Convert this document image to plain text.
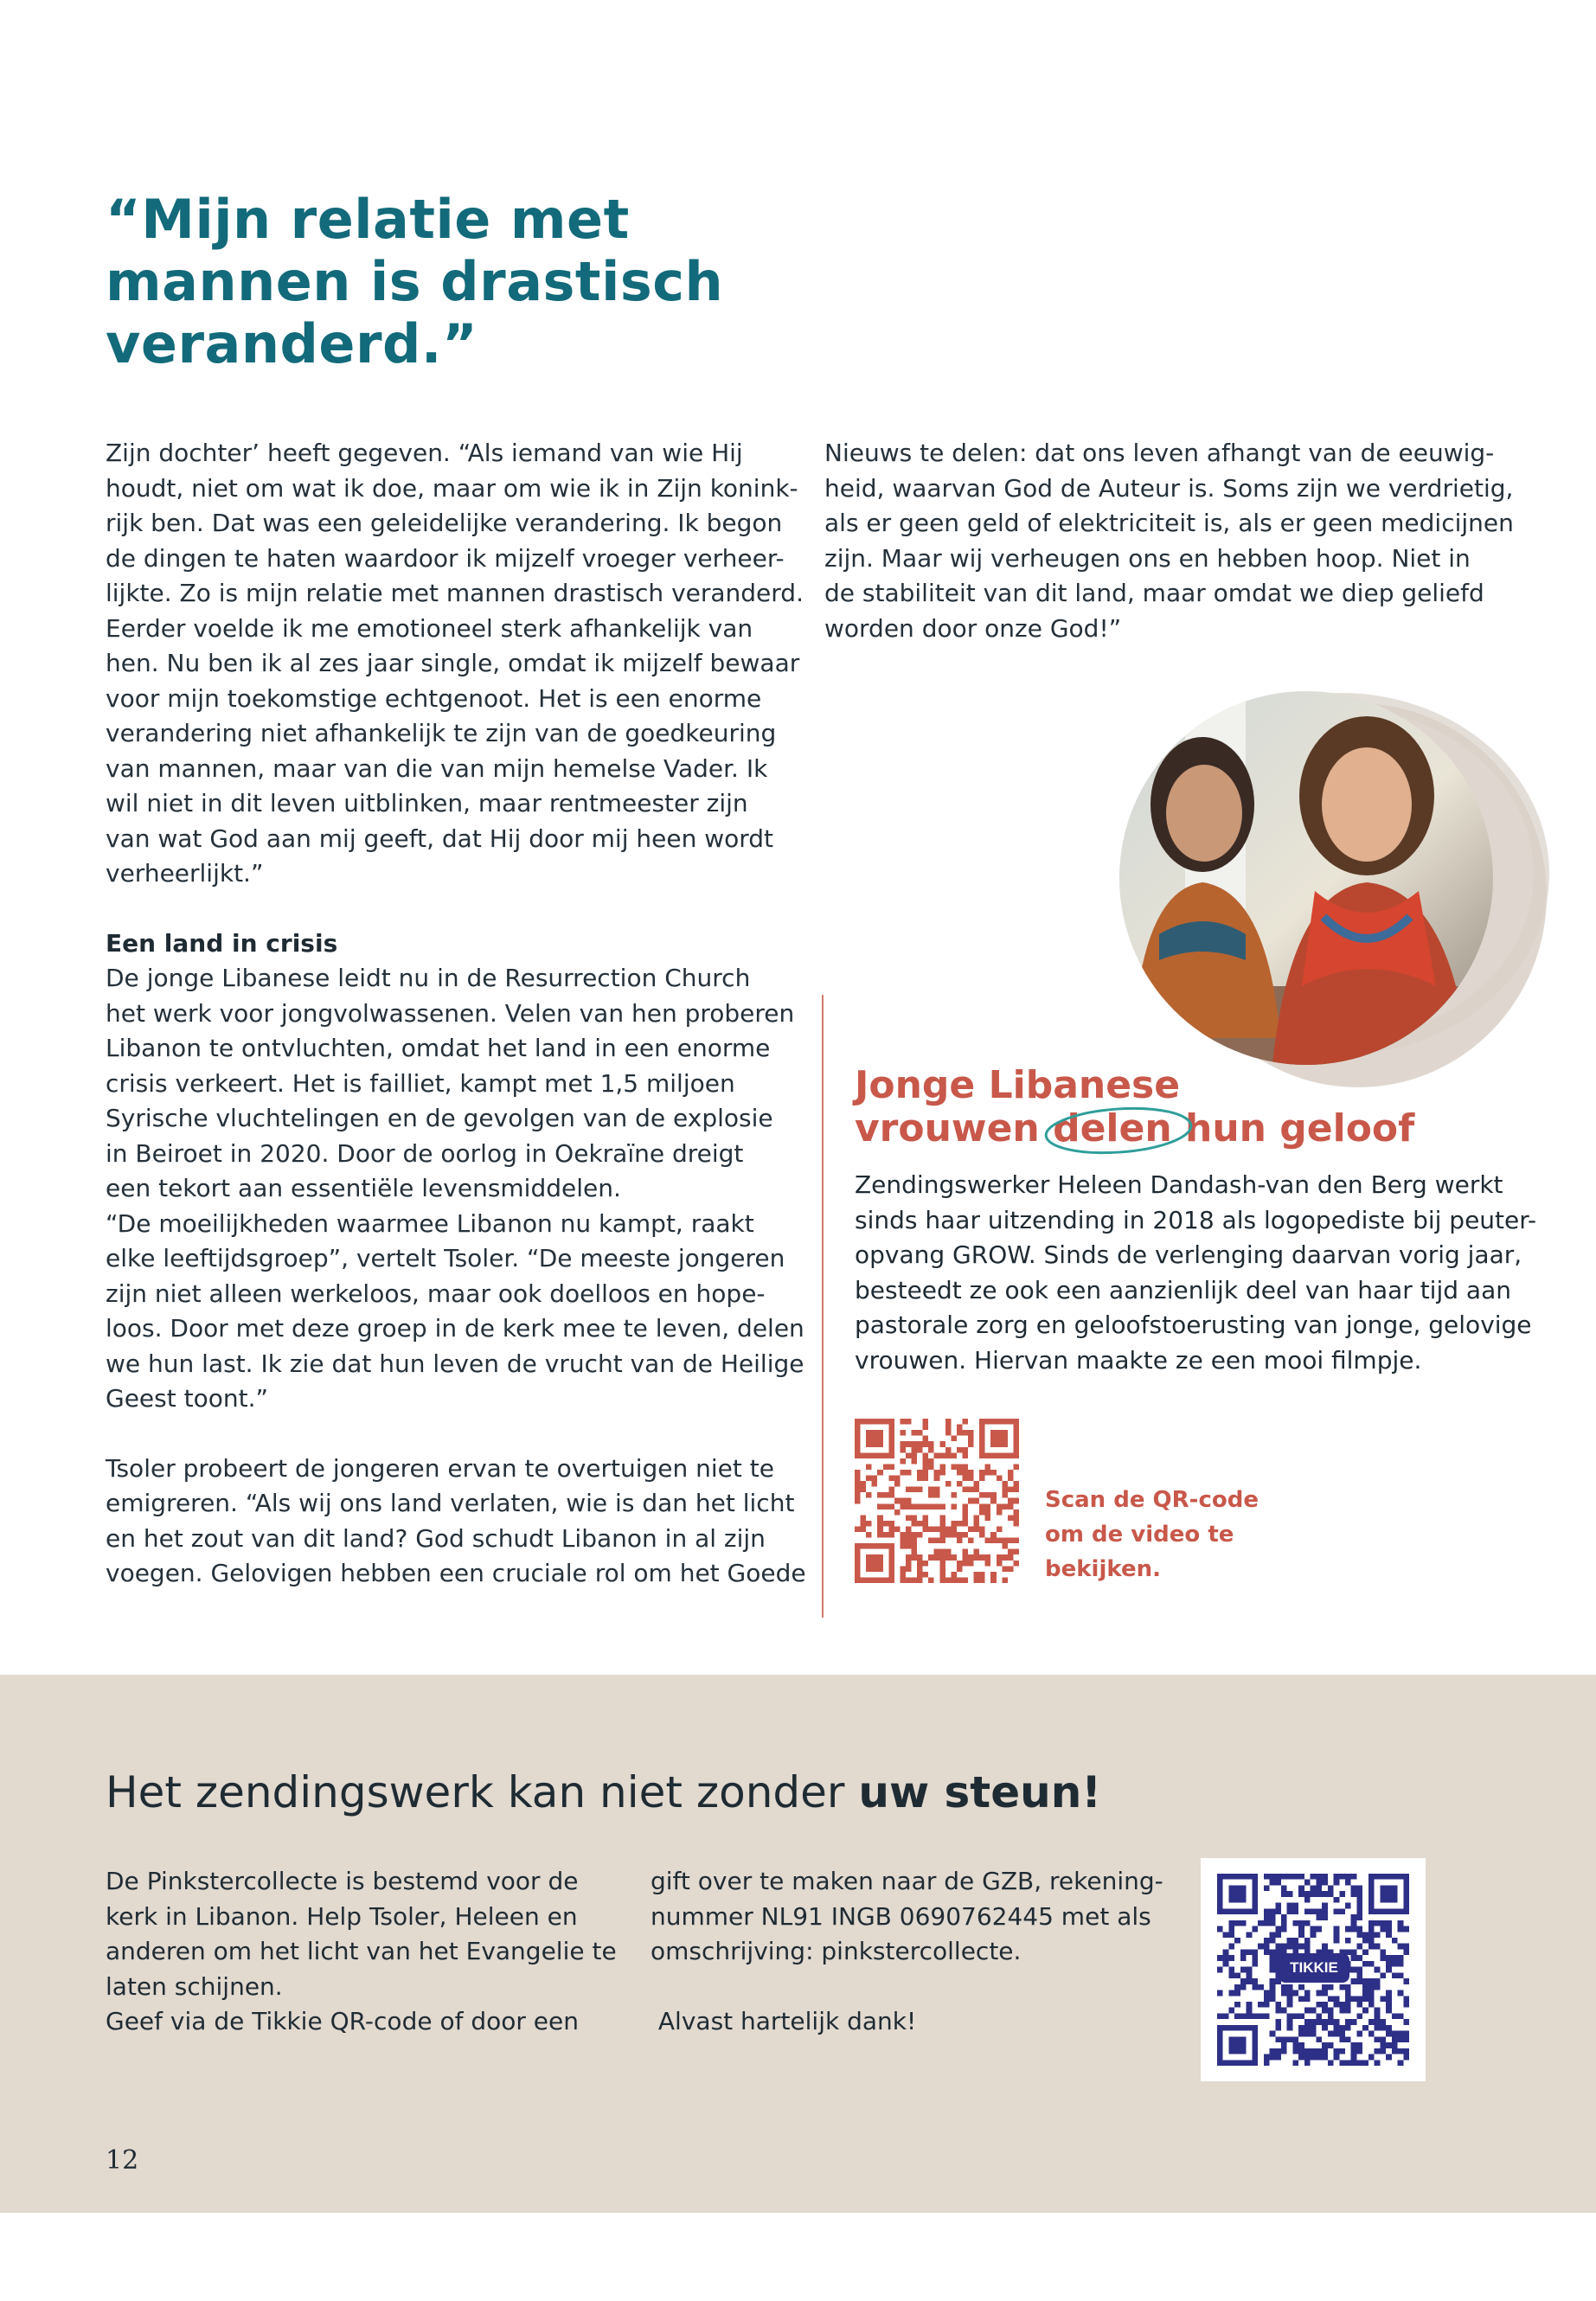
“Mijn relatie met
mannen is drastisch
veranderd.”
Zijn dochter’ heeft gegeven. “Als iemand van wie Hij
houdt, niet om wat ik doe, maar om wie ik in Zijn konink-
rijk ben. Dat was een geleidelijke verandering. Ik begon
de dingen te haten waardoor ik mijzelf vroeger verheer-
lijkte. Zo is mijn relatie met mannen drastisch veranderd.
Eerder voelde ik me emotioneel sterk afhankelijk van
hen. Nu ben ik al zes jaar single, omdat ik mijzelf bewaar
voor mijn toekomstige echtgenoot. Het is een enorme
verandering niet afhankelijk te zijn van de goedkeuring
van mannen, maar van die van mijn hemelse Vader. Ik
wil niet in dit leven uitblinken, maar rentmeester zijn
van wat God aan mij geeft, dat Hij door mij heen wordt
verheerlijkt.”
Een land in crisis
De jonge Libanese leidt nu in de Resurrection Church
het werk voor jongvolwassenen. Velen van hen proberen
Libanon te ontvluchten, omdat het land in een enorme
crisis verkeert. Het is failliet, kampt met 1,5 miljoen
Syrische vluchtelingen en de gevolgen van de explosie
in Beiroet in 2020. Door de oorlog in Oekraïne dreigt
een tekort aan essentiële levensmiddelen.
“De moeilijkheden waarmee Libanon nu kampt, raakt
elke leeftijdsgroep”, vertelt Tsoler. “De meeste jongeren
zijn niet alleen werkeloos, maar ook doelloos en hope-
loos. Door met deze groep in de kerk mee te leven, delen
we hun last. Ik zie dat hun leven de vrucht van de Heilige
Geest toont.”
Tsoler probeert de jongeren ervan te overtuigen niet te
emigreren. “Als wij ons land verlaten, wie is dan het licht
en het zout van dit land? God schudt Libanon in al zijn
voegen. Gelovigen hebben een cruciale rol om het Goede
Nieuws te delen: dat ons leven afhangt van de eeuwig-
heid, waarvan God de Auteur is. Soms zijn we verdrietig,
als er geen geld of elektriciteit is, als er geen medicijnen
zijn. Maar wij verheugen ons en hebben hoop. Niet in
de stabiliteit van dit land, maar omdat we diep geliefd
worden door onze God!”
Jonge Libanese
vrouwen delen
hun geloof
Zendingswerker Heleen Dandash-van den Berg werkt
sinds haar uitzending in 2018 als logopediste bij peuter-
opvang GROW. Sinds de verlenging daarvan vorig jaar,
besteedt ze ook een aanzienlijk deel van haar tijd aan
pastorale zorg en geloofstoerusting van jonge, gelovige
vrouwen. Hiervan maakte ze een mooi filmpje.
Scan de QR-code
om de video te
bekijken.
Het zendingswerk kan niet zonder uw steun!
De Pinkstercollecte is bestemd voor de
kerk in Libanon. Help Tsoler, Heleen en
anderen om het licht van het Evangelie te
laten schijnen.
Geef via de Tikkie QR-code of door een
gift over te maken naar de GZB, rekening-
nummer NL91 INGB 0690762445 met als
omschrijving: pinkstercollecte.
Alvast hartelijk dank!
TIKKIE
12
